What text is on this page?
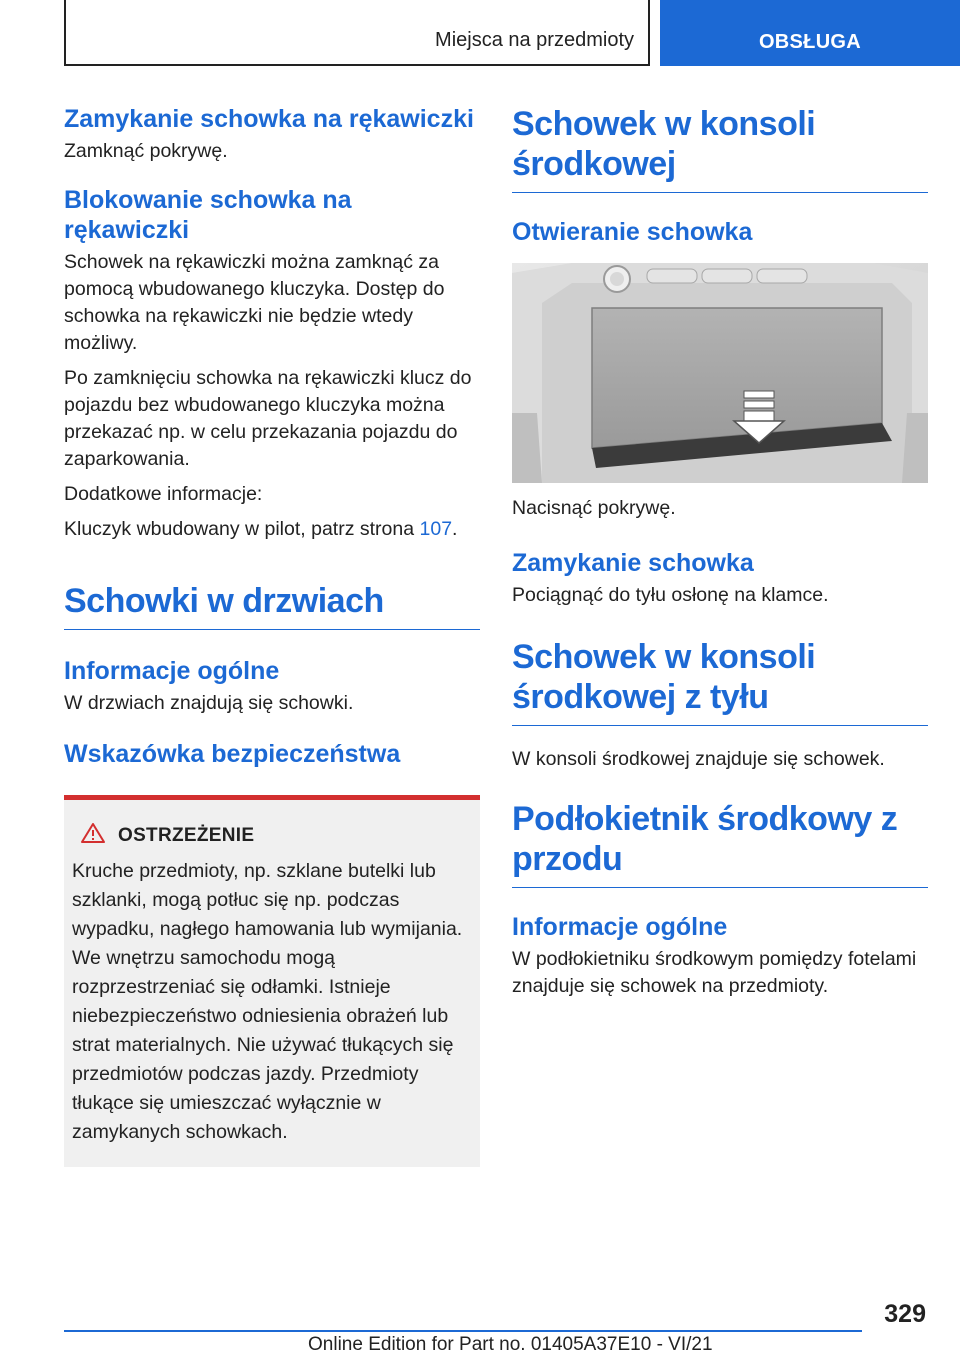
Miejsca na przedmioty	OBSŁUGA
Zamykanie schowka na rękawiczki

Zamknąć pokrywę.

Blokowanie schowka na rękawiczki

Schowek na rękawiczki można zamknąć za pomocą wbudowanego kluczyka. Dostęp do schowka na rękawiczki nie będzie wtedy możliwy.

Po zamknięciu schowka na rękawiczki klucz do pojazdu bez wbudowanego kluczyka można przekazać np. w celu przekazania pojazdu do zaparkowania.

Dodatkowe informacje:

Kluczyk wbudowany w pilot, patrz strona 107.

Schowki w drzwiach
Informacje ogólne

W drzwiach znajdują się schowki.

Wskazówka bezpieczeństwa
OSTRZEŻENIE

Kruche przedmioty, np. szklane butelki lub szklanki, mogą potłuc się np. podczas wypadku, nagłego hamowania lub wymijania. We wnętrzu samochodu mogą rozprzestrzeniać się odłamki. Istnieje niebezpieczeństwo odniesienia obrażeń lub strat materialnych. Nie używać tłukących się przedmiotów podczas jazdy. Przedmioty tłukące się umieszczać wyłącznie w zamykanych schowkach.

Schowek w konsoli środkowej
Otwieranie schowka

Nacisnąć pokrywę.

Zamykanie schowka

Pociągnąć do tyłu osłonę na klamce.

Schowek w konsoli środkowej z tyłu

W konsoli środkowej znajduje się schowek.

Podłokietnik środkowy z przodu
Informacje ogólne

W podłokietniku środkowym pomiędzy fotelami znajduje się schowek na przedmioty.

329
Online Edition for Part no. 01405A37E10 - VI/21
